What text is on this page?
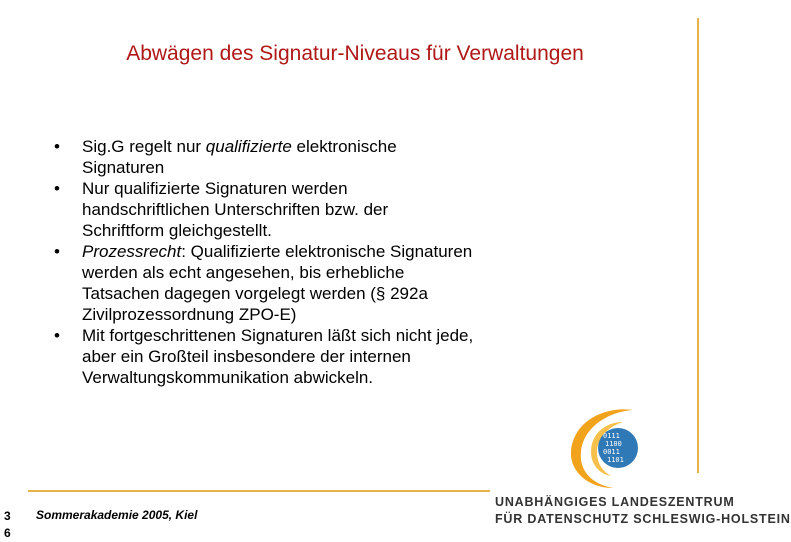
Abwägen des Signatur-Niveaus für Verwaltungen
• Sig.G regelt nur qualifizierte elektronische
Signaturen
• Nur qualifizierte Signaturen werden
handschriftlichen Unterschriften bzw. der
Schriftform gleichgestellt.
• Prozessrecht: Qualifizierte elektronische Signaturen
werden als echt angesehen, bis erhebliche
Tatsachen dagegen vorgelegt werden (§ 292a
Zivilprozessordnung ZPO-E)
• Mit fortgeschrittenen Signaturen läßt sich nicht jede,
aber ein Großteil insbesondere der internen
Verwaltungskommunikation abwickeln.
3
6
Sommerakademie 2005, Kiel
0111
1100
0011
1101
UNABHÄNGIGES LANDESZENTRUM
FÜR DATENSCHUTZ SCHLESWIG-HOLSTEIN
